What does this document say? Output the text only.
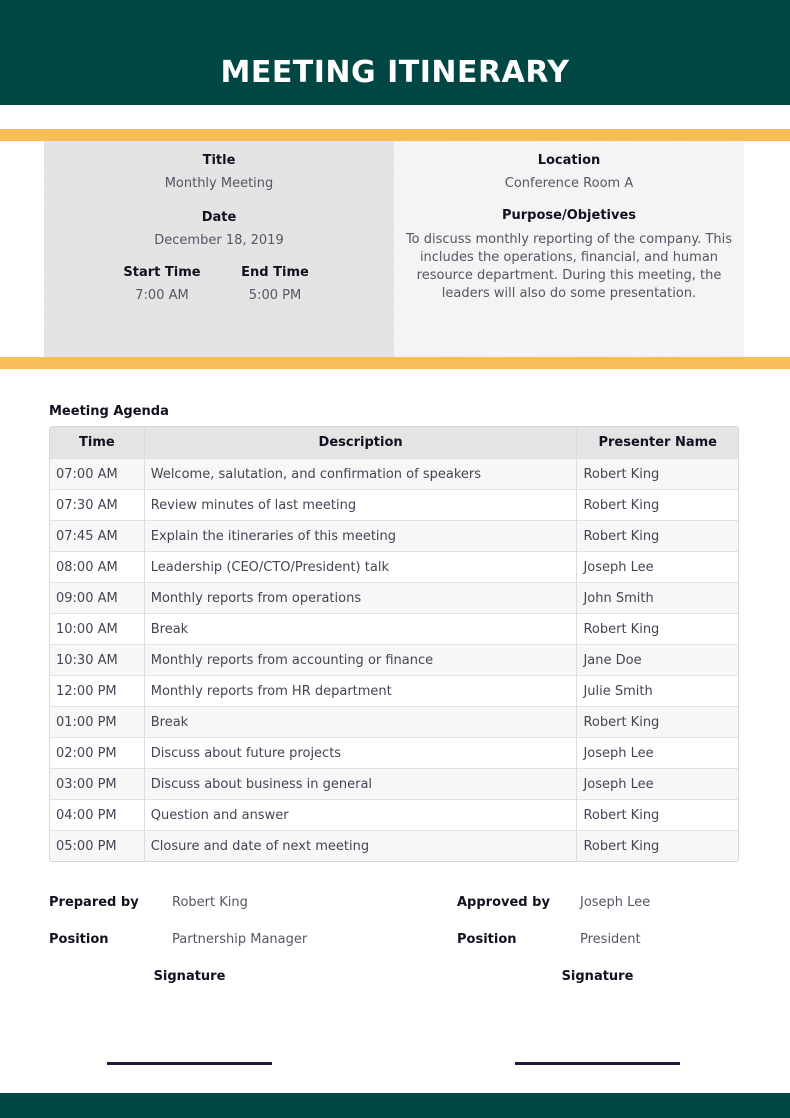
MEETING ITINERARY
Title
Monthly Meeting
Date
December 18, 2019
Start Time
7:00 AM
End Time
5:00 PM
Location
Conference Room A
Purpose/Objetives
To discuss monthly reporting of the company. This includes the operations, financial, and human resource department. During this meeting, the leaders will also do some presentation.
Meeting Agenda
Time	Description	Presenter Name
07:00 AM	Welcome, salutation, and confirmation of speakers	Robert King
07:30 AM	Review minutes of last meeting	Robert King
07:45 AM	Explain the itineraries of this meeting	Robert King
08:00 AM	Leadership (CEO/CTO/President) talk	Joseph Lee
09:00 AM	Monthly reports from operations	John Smith
10:00 AM	Break	Robert King
10:30 AM	Monthly reports from accounting or finance	Jane Doe
12:00 PM	Monthly reports from HR department	Julie Smith
01:00 PM	Break	Robert King
02:00 PM	Discuss about future projects	Joseph Lee
03:00 PM	Discuss about business in general	Joseph Lee
04:00 PM	Question and answer	Robert King
05:00 PM	Closure and date of next meeting	Robert King
Prepared by	Robert King
Position	Partnership Manager
Signature
Approved by Joseph Lee
Position	President
Signature
